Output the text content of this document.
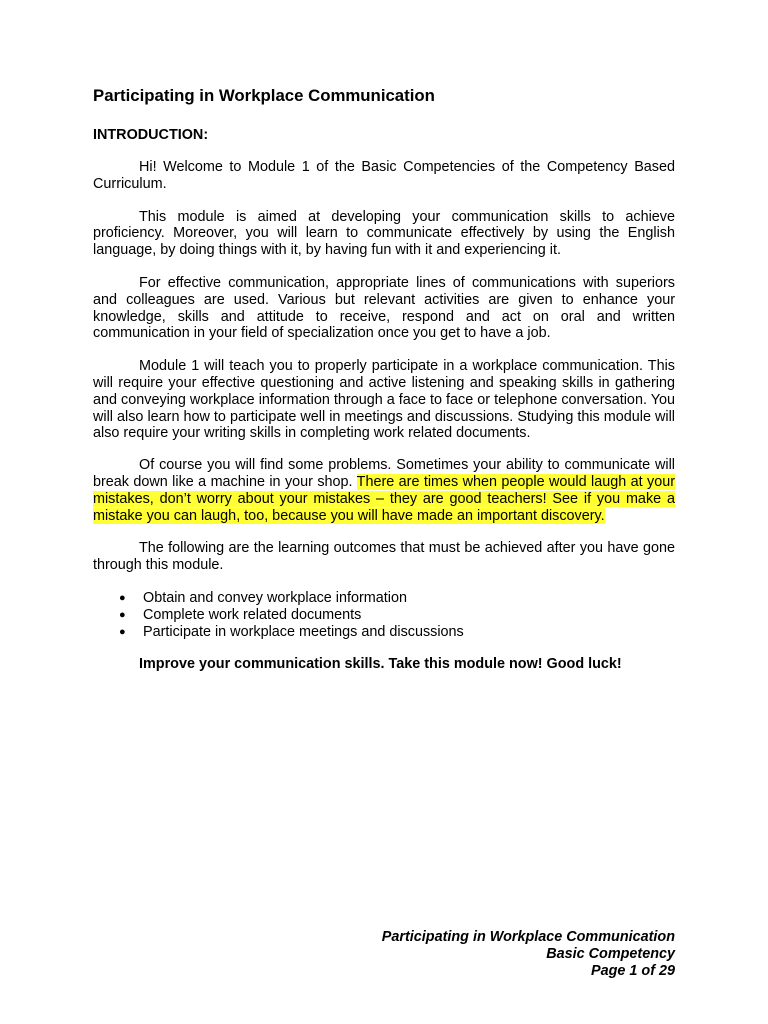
Participating in Workplace Communication
INTRODUCTION:

Hi! Welcome to Module 1 of the Basic Competencies of the Competency Based Curriculum.

This module is aimed at developing your communication skills to achieve proficiency. Moreover, you will learn to communicate effectively by using the English language, by doing things with it, by having fun with it and experiencing it.

For effective communication, appropriate lines of communications with superiors and colleagues are used. Various but relevant activities are given to enhance your knowledge, skills and attitude to receive, respond and act on oral and written communication in your field of specialization once you get to have a job.

Module 1 will teach you to properly participate in a workplace communication. This will require your effective questioning and active listening and speaking skills in gathering and conveying workplace information through a face to face or telephone conversation. You will also learn how to participate well in meetings and discussions. Studying this module will also require your writing skills in completing work related documents.

Of course you will find some problems. Sometimes your ability to communicate will break down like a machine in your shop. There are times when people would laugh at your mistakes, don’t worry about your mistakes – they are good teachers! See if you make a mistake you can laugh, too, because you will have made an important discovery.

The following are the learning outcomes that must be achieved after you have gone through this module.

● Obtain and convey workplace information
● Complete work related documents
● Participate in workplace meetings and discussions

Improve your communication skills. Take this module now! Good luck!

Participating in Workplace Communication
Basic Competency
Page 1 of 29
